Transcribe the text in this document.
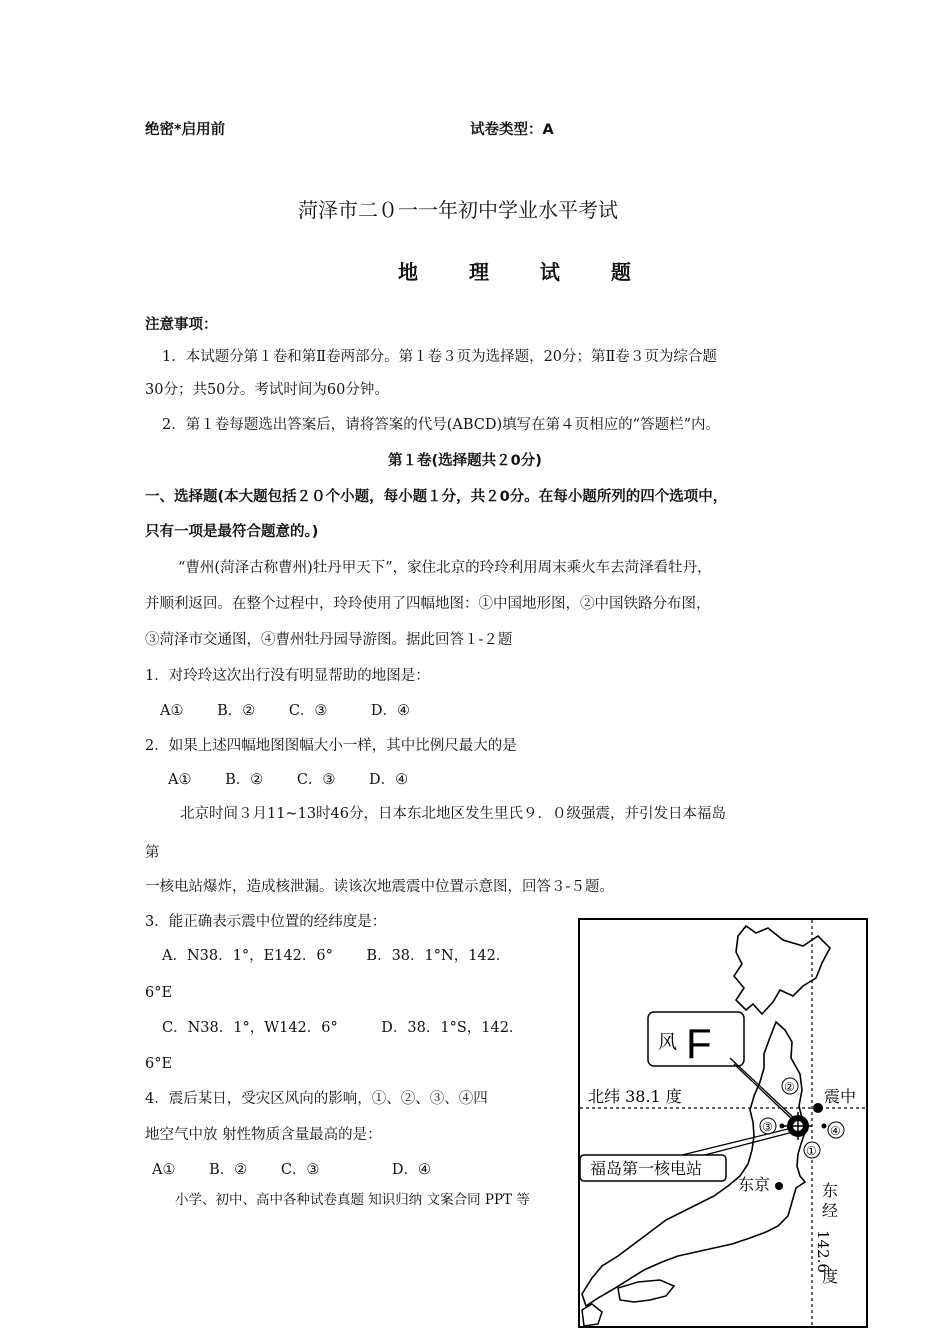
绝密*启用前	试卷类型：A
菏泽市二０一一年初中学业水平考试
地 理 试 题
注意事项：
1．本试题分第１卷和第Ⅱ卷两部分。第１卷３页为选择题，20分；第Ⅱ卷３页为综合题
30分；共50分。考试时间为60分钟。
2．第１卷每题选出答案后，请将答案的代号(ABCD)填写在第４页相应的“答题栏”内。
第１卷(选择题共２0分)
一、选择题(本大题包括２０个小题，每小题１分，共２0分。在每小题所列的四个选项中，
只有一项是最符合题意的。)
“曹州(菏泽古称曹州)牡丹甲天下”，家住北京的玲玲利用周末乘火车去菏泽看牡丹，
并顺利返回。在整个过程中，玲玲使用了四幅地图：①中国地形图，②中国铁路分布图，
③菏泽市交通图，④曹州牡丹园导游图。据此回答１-２题
1．对玲玲这次出行没有明显帮助的地图是：
A①　 　B．②　　 C．③　　　D．④
2．如果上述四幅地图图幅大小一样，其中比例尺最大的是
A①　　 B．②　　 C．③　　 D．④
北京时间３月11~13时46分，日本东北地区发生里氏９．０级强震，并引发日本福岛
第
一核电站爆炸，造成核泄漏。读该次地震震中位置示意图，回答３-５题。
3．能正确表示震中位置的经纬度是：
A．N38．1°，E142．6°　　 B．38．1°N，142．
6°E
C．N38．1°，W142．6°　　　D．38．1°S，142．
6°E
4．震后某日，受灾区风向的影响，①、②、③、④四
地空气中放 射性物质含量最高的是：
A①　　 B．②　　 C．③　　　　　D．④
小学、初中、高中各种试卷真题 知识归纳 文案合同 PPT 等
风 F
北纬 38.1 度	震中
②
③	④
①
福岛第一核电站
东京	东
经
142.6
度
